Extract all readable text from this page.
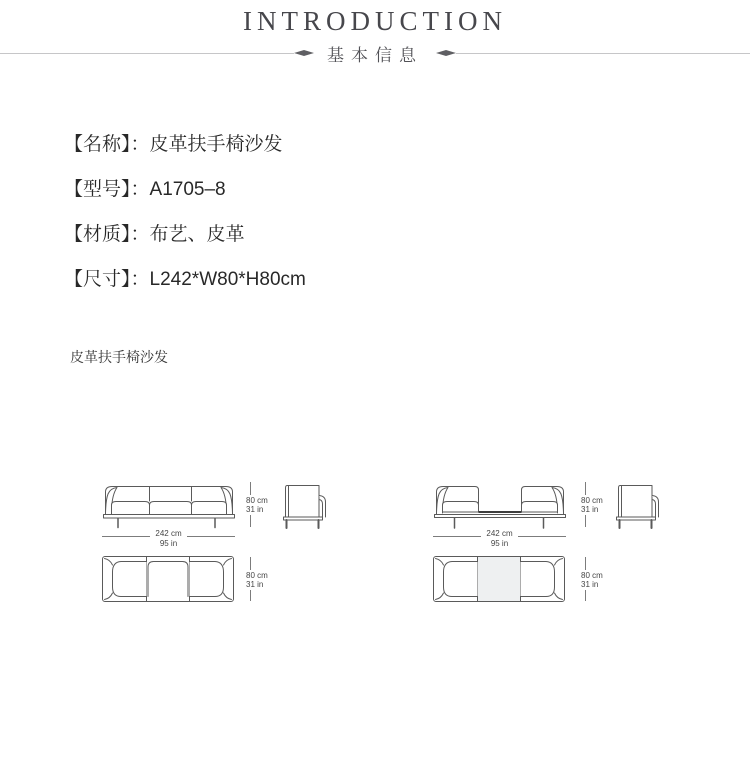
INTRODUCTION
基本信息
【名称】：皮革扶手椅沙发
【型号】：A1705–8
【材质】：布艺、皮革
【尺寸】：L242*W80*H80cm
皮革扶手椅沙发
80 cm
31 in
242 cm
95 in
80 cm
31 in
80 cm
31 in
242 cm
95 in
80 cm
31 in
